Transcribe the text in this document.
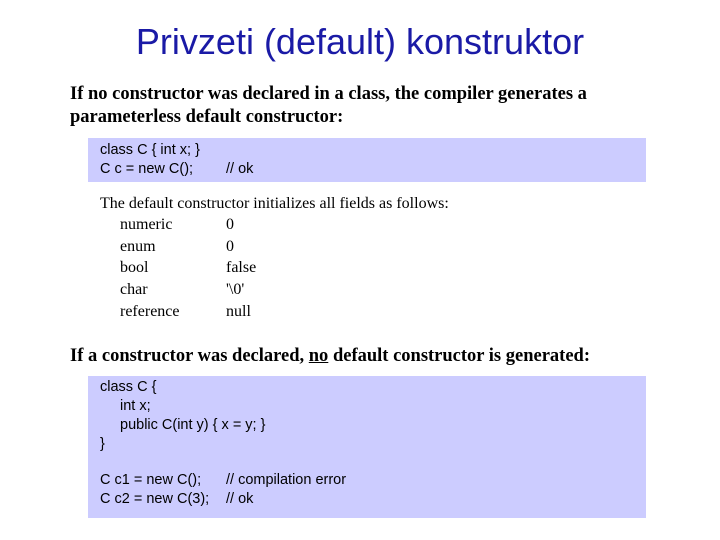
Privzeti (default) konstruktor
If no constructor was declared in a class, the compiler generates a parameterless default constructor:
class C { int x; }
C c = new C(); // ok
The default constructor initializes all fields as follows:
numeric	0
enum	0
bool	false
char	'\0'
reference	null
If a constructor was declared, no default constructor is generated:
class C {
int x;
public C(int y) { x = y; }
}
C c1 = new C(); // compilation error
C c2 = new C(3); // ok
